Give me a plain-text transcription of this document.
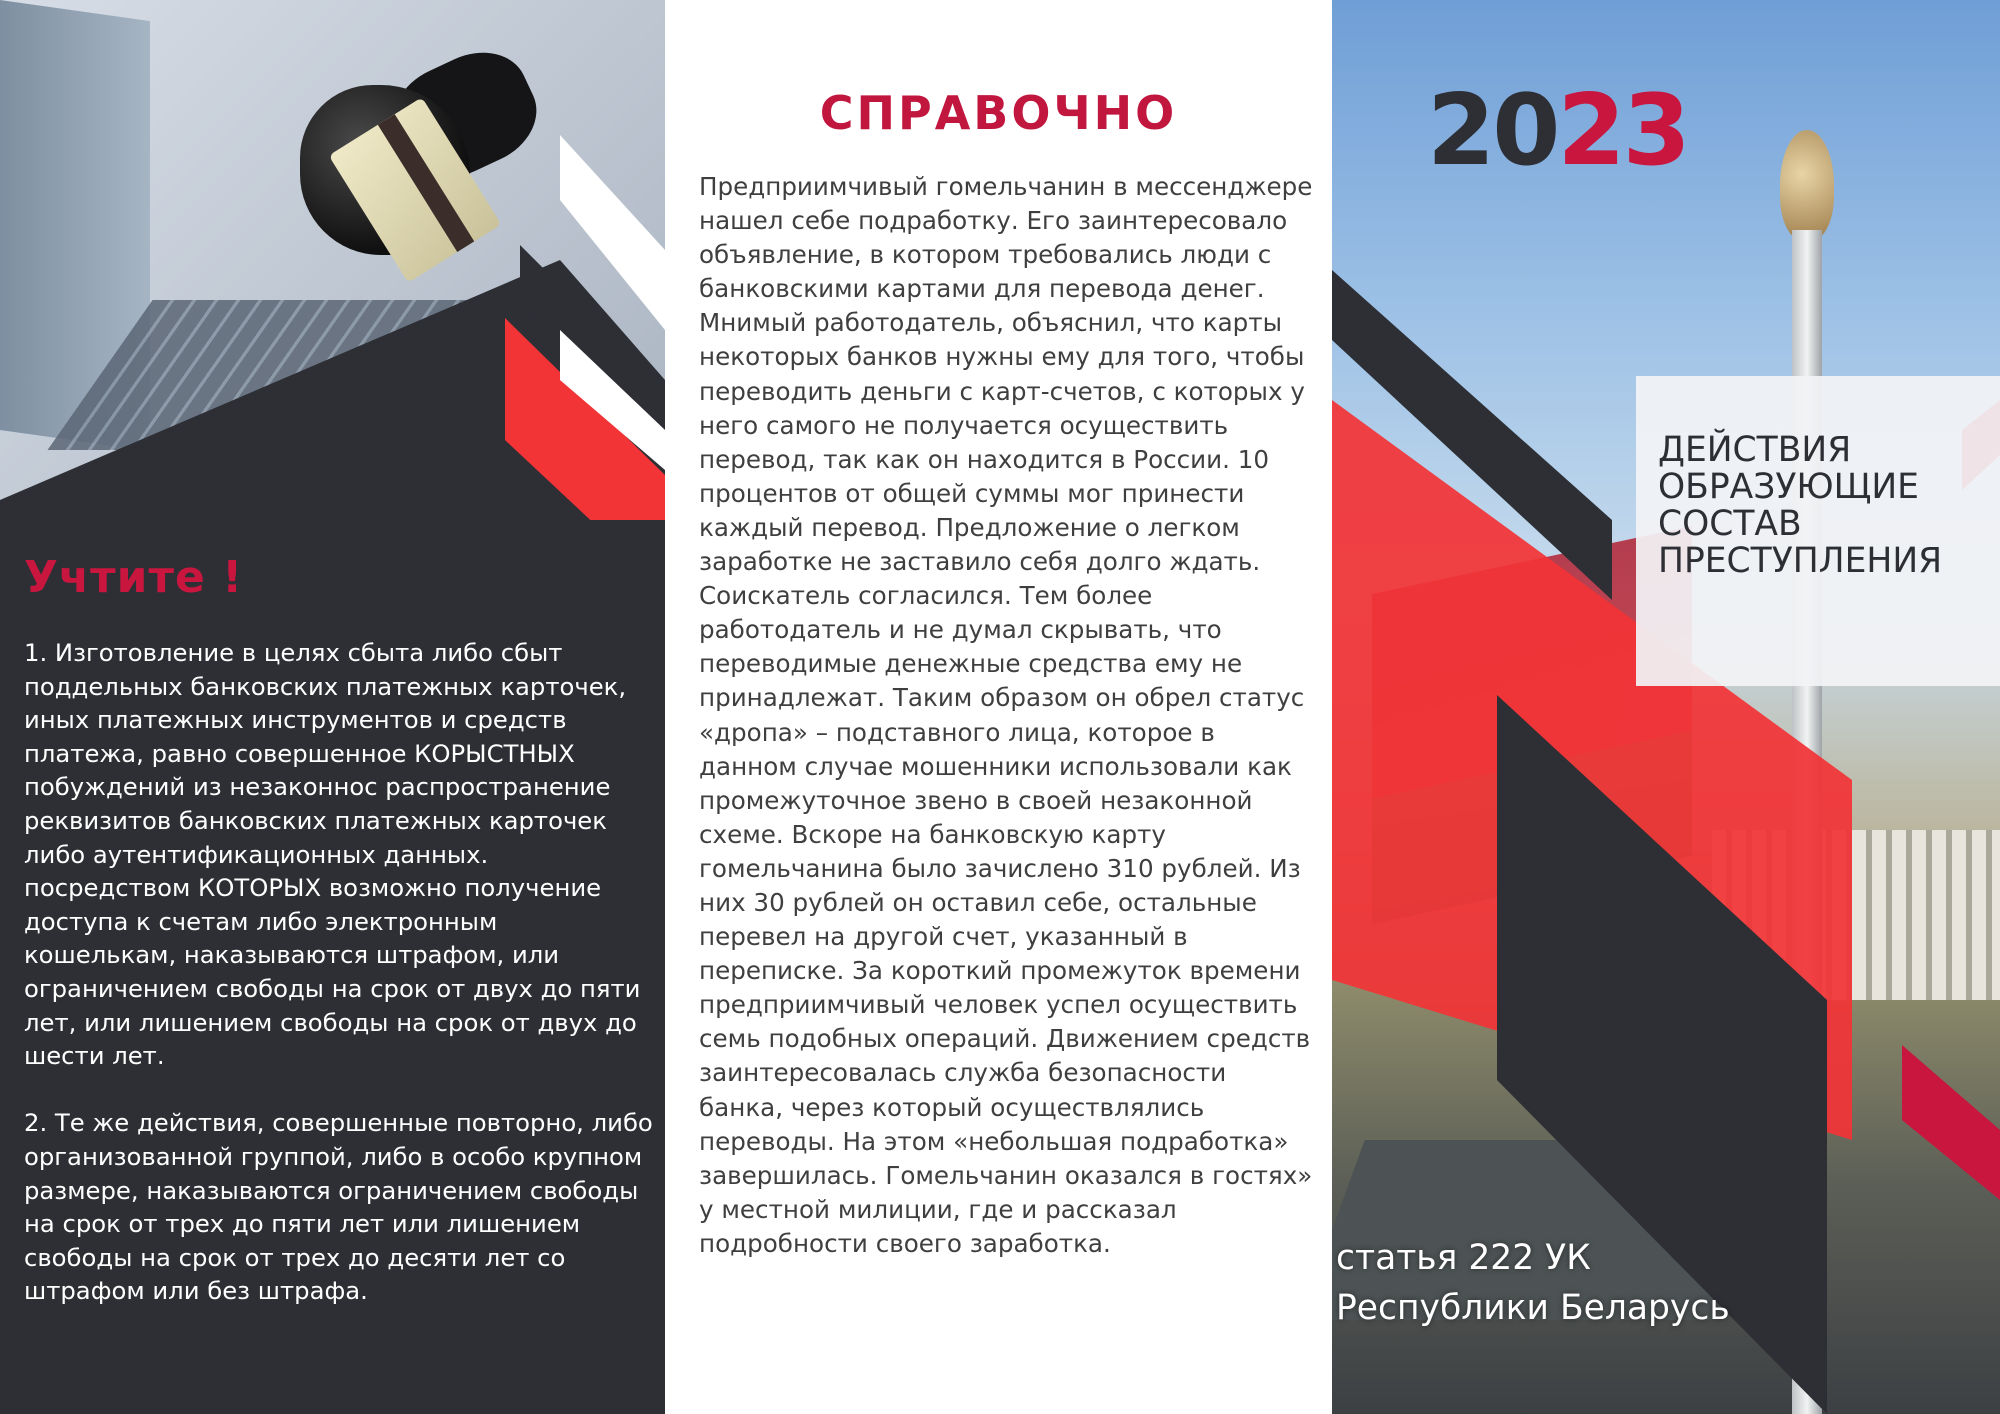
Учтите !

1. Изготовление в целях сбыта либо сбыт поддельных банковских платежных карточек, иных платежных инструментов и средств платежа, равно совершенное КОРЫСТНЫХ побуждений из незаконнос распространение реквизитов банковских платежных карточек либо аутентификационных данных. посредством КОТОРЫХ возможно получение доступа к счетам либо электронным кошелькам, наказываются штрафом, или ограничением свободы на срок от двух до пяти лет, или лишением свободы на срок от двух до шести лет.

2. Те же действия, совершенные повторно, либо организованной группой, либо в особо крупном размере, наказываются ограничением свободы на срок от трех до пяти лет или лишением свободы на срок от трех до десяти лет со штрафом или без штрафа.

СПРАВОЧНО

Предприимчивый гомельчанин в мессенджере нашел себе подработку. Его заинтересовало объявление, в котором требовались люди с банковскими картами для перевода денег. Мнимый работодатель, объяснил, что карты некоторых банков нужны ему для того, чтобы переводить деньги с карт-счетов, с которых у него самого не получается осуществить перевод, так как он находится в России. 10 процентов от общей суммы мог принести каждый перевод. Предложение о легком заработке не заставило себя долго ждать. Соискатель согласился. Тем более работодатель и не думал скрывать, что переводимые денежные средства ему не принадлежат. Таким образом он обрел статус «дропа» – подставного лица, которое в данном случае мошенники использовали как промежуточное звено в своей незаконной схеме. Вскоре на банковскую карту гомельчанина было зачислено 310 рублей. Из них 30 рублей он оставил себе, остальные перевел на другой счет, указанный в переписке. За короткий промежуток времени предприимчивый человек успел осуществить семь подобных операций. Движением средств заинтересовалась служба безопасности банка, через который осуществлялись переводы. На этом «небольшая подработка» завершилась. Гомельчанин оказался в гостях» у местной милиции, где и рассказал подробности своего заработка.

2023
ДЕЙСТВИЯ ОБРАЗУЮЩИЕ СОСТАВ ПРЕСТУПЛЕНИЯ
статья 222 УК
Республики Беларусь
